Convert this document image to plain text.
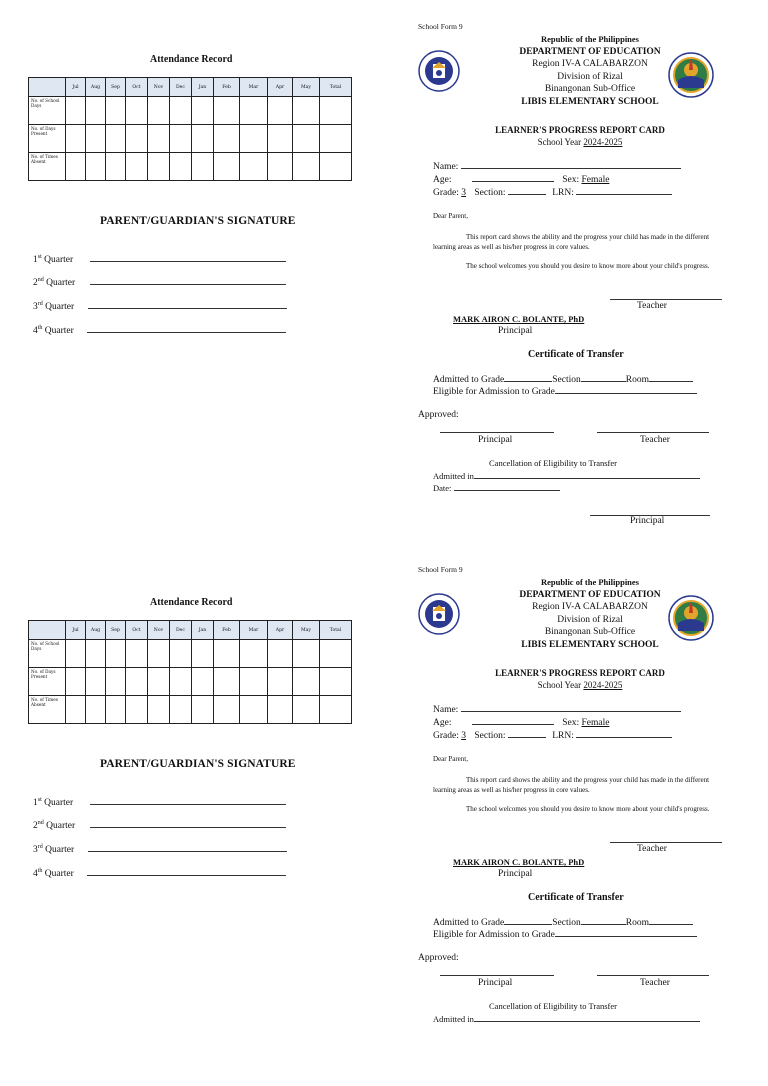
Attendance Record
	Jul	Aug	Sep	Oct	Nov	Dec	Jan	Feb	Mar	Apr	May	Total
No. of School Days												
No. of Days Present												
No. of Times Absent												
PARENT/GUARDIAN'S SIGNATURE
1st Quarter
2nd Quarter
3rd Quarter
4th Quarter
School Form 9
Republic of the Philippines
DEPARTMENT OF EDUCATION
Region IV-A CALABARZON
Division of Rizal
Binangonan Sub-Office
LIBIS ELEMENTARY SCHOOL
LEARNER'S PROGRESS REPORT CARD
School Year 2024-2025
Name:
Age:	Sex: Female
Grade: 3 Section:	LRN:
Dear Parent,
This report card shows the ability and the progress your child has made in the different learning areas as well as his/her progress in core values.
The school welcomes you should you desire to know more about your child's progress.
Teacher
MARK AIRON C. BOLANTE, PhD
Principal
Certificate of Transfer
Admitted to Grade	Section	Room
Eligible for Admission to Grade
Approved:
Principal	Teacher
Cancellation of Eligibility to Transfer
Admitted in
Date:
Principal
Attendance Record
	Jul	Aug	Sep	Oct	Nov	Dec	Jan	Feb	Mar	Apr	May	Total
No. of School Days												
No. of Days Present												
No. of Times Absent												
PARENT/GUARDIAN'S SIGNATURE
1st Quarter
2nd Quarter
3rd Quarter
4th Quarter
School Form 9
Republic of the Philippines
DEPARTMENT OF EDUCATION
Region IV-A CALABARZON
Division of Rizal
Binangonan Sub-Office
LIBIS ELEMENTARY SCHOOL
LEARNER'S PROGRESS REPORT CARD
School Year 2024-2025
Name:
Age:	Sex: Female
Grade: 3 Section:	LRN:
Dear Parent,
This report card shows the ability and the progress your child has made in the different learning areas as well as his/her progress in core values.
The school welcomes you should you desire to know more about your child's progress.
Teacher
MARK AIRON C. BOLANTE, PhD
Principal
Certificate of Transfer
Admitted to Grade	Section	Room
Eligible for Admission to Grade
Approved:
Principal	Teacher
Cancellation of Eligibility to Transfer
Admitted in
